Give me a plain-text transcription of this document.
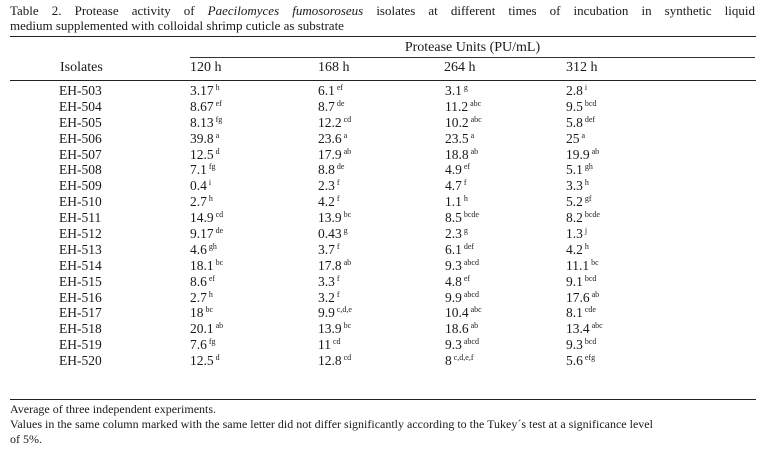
Table 2. Protease activity of Paecilomyces fumosoroseus isolates at different times of incubation in synthetic liquid
medium supplemented with colloidal shrimp cuticle as substrate
Protease Units (PU/mL)
Isolates	120 h	168 h	264 h	312 h
EH-503	3.17 $^h$	6.1 $^{ef}$	3.1 $^g$	2.8 $^i$
EH-504	8.67 $^{ef}$	8.7 $^{de}$	11.2 $^{abc}$	9.5 $^{bcd}$
EH-505	8.13 $^{fg}$	12.2 $^{cd}$	10.2 $^{abc}$	5.8 $^{def}$
EH-506	39.8 $^a$	23.6 $^a$	23.5 $^a$	25 $^a$
EH-507	12.5 $^d$	17.9 $^{ab}$	18.8 $^{ab}$	19.9 $^{ab}$
EH-508	7.1 $^{fg}$	8.8 $^{de}$	4.9 $^{ef}$	5.1 $^{gh}$
EH-509	0.4 $^i$	2.3 $^f$	4.7 $^f$	3.3 $^h$
EH-510	2.7 $^h$	4.2 $^f$	1.1 $^h$	5.2 $^{gf}$
EH-511	14.9 $^{cd}$	13.9 $^{bc}$	8.5 $^{bcde}$	8.2 $^{bcde}$
EH-512	9.17 $^{de}$	0.43 $^g$	2.3 $^g$	1.3 $^j$
EH-513	4.6 $^{gh}$	3.7 $^f$	6.1 $^{def}$	4.2 $^h$
EH-514	18.1 $^{bc}$	17.8 $^{ab}$	9.3 $^{abcd}$	11.1 $^{bc}$
EH-515	8.6 $^{ef}$	3.3 $^f$	4.8 $^{ef}$	9.1 $^{bcd}$
EH-516	2.7 $^h$	3.2 $^f$	9.9 $^{abcd}$	17.6 $^{ab}$
EH-517	18 $^{bc}$	9.9 $^{c,d,e}$	10.4 $^{abc}$	8.1 $^{cde}$
EH-518	20.1 $^{ab}$	13.9 $^{bc}$	18.6 $^{ab}$	13.4 $^{abc}$
EH-519	7.6 $^{fg}$	11 $^{cd}$	9.3 $^{abcd}$	9.3 $^{bcd}$
EH-520	12.5 $^d$	12.8 $^{cd}$	8 $^{c,d,e,f}$	5.6 $^{efg}$
Average of three independent experiments.
Values in the same column marked with the same letter did not differ significantly according to the Tukey´s test at a significance level
of 5%.
